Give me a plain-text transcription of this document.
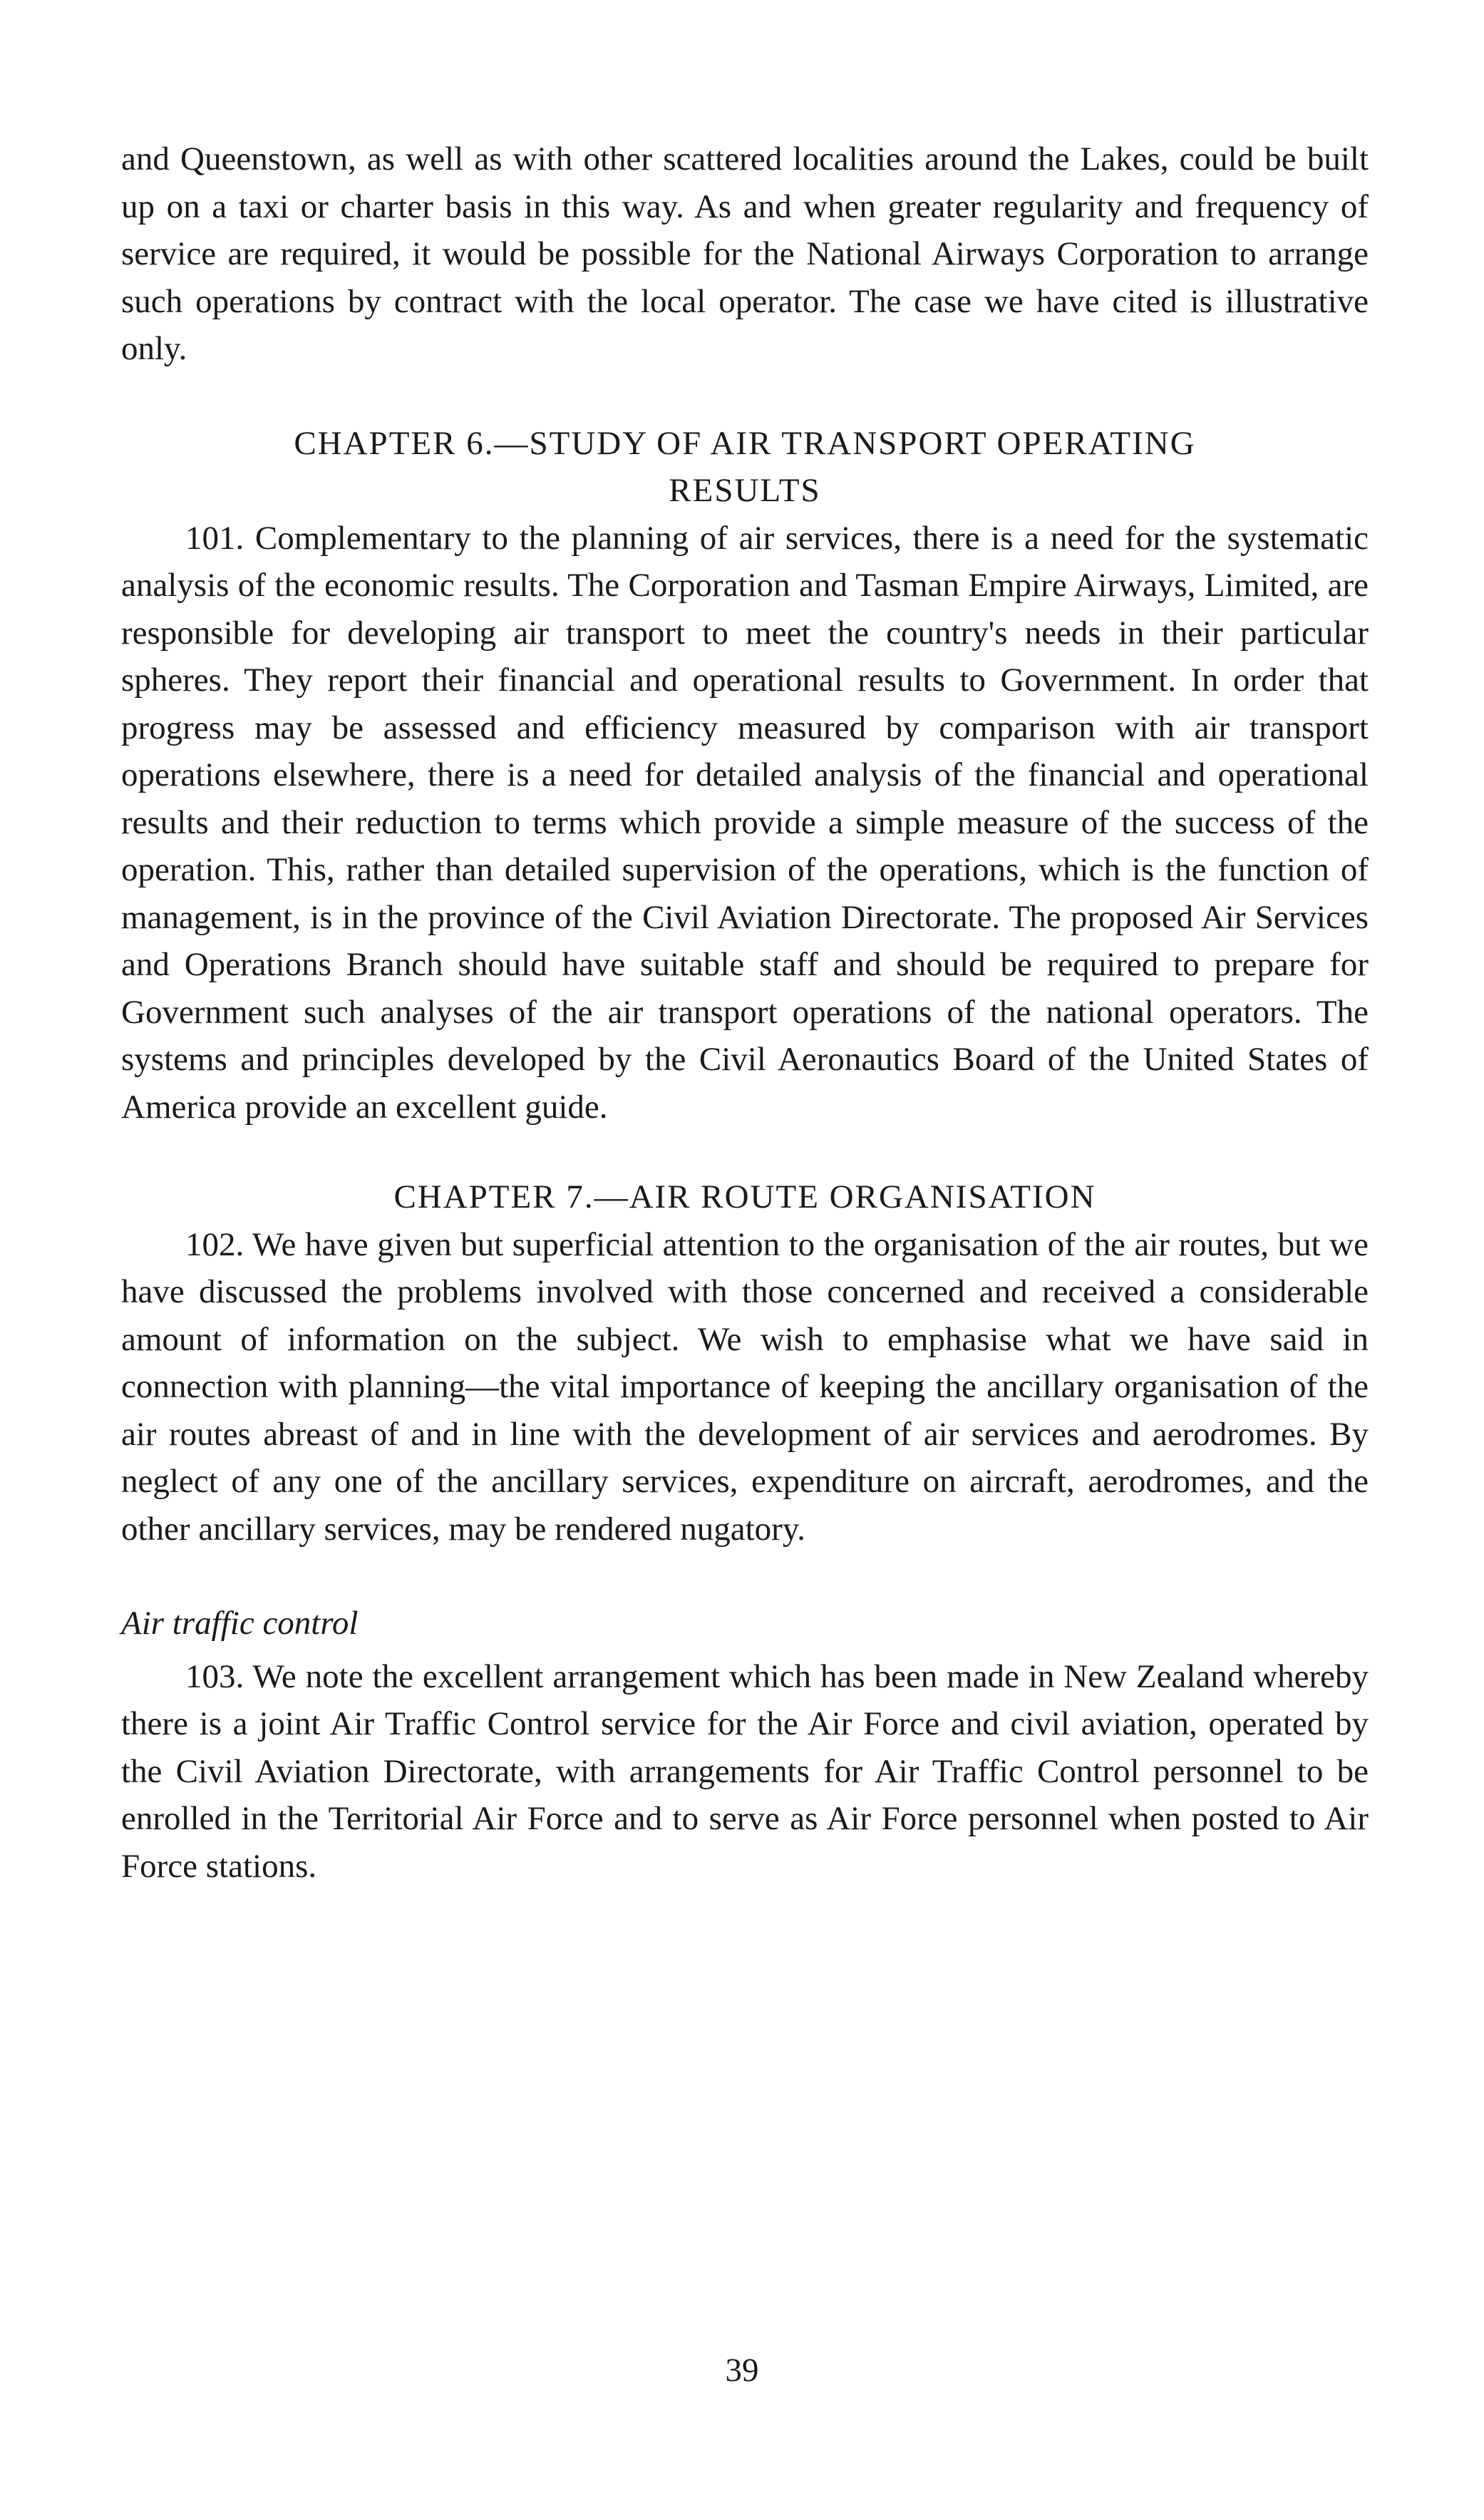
and Queenstown, as well as with other scattered localities around the Lakes, could be built up on a taxi or charter basis in this way. As and when greater regularity and frequency of service are required, it would be possible for the National Airways Corporation to arrange such operations by contract with the local operator. The case we have cited is illustrative only.

CHAPTER 6.—STUDY OF AIR TRANSPORT OPERATING
RESULTS

101. Complementary to the planning of air services, there is a need for the systematic analysis of the economic results. The Corporation and Tasman Empire Airways, Limited, are responsible for developing air transport to meet the country's needs in their particular spheres. They report their financial and operational results to Government. In order that progress may be assessed and efficiency measured by comparison with air transport operations elsewhere, there is a need for detailed analysis of the financial and operational results and their reduction to terms which provide a simple measure of the success of the operation. This, rather than detailed supervision of the operations, which is the function of management, is in the province of the Civil Aviation Directorate. The proposed Air Services and Operations Branch should have suitable staff and should be required to prepare for Government such analyses of the air transport operations of the national operators. The systems and principles developed by the Civil Aeronautics Board of the United States of America provide an excellent guide.

CHAPTER 7.—AIR ROUTE ORGANISATION

102. We have given but superficial attention to the organisation of the air routes, but we have discussed the problems involved with those concerned and received a considerable amount of information on the subject. We wish to emphasise what we have said in connection with planning—the vital importance of keeping the ancillary organisation of the air routes abreast of and in line with the development of air services and aerodromes. By neglect of any one of the ancillary services, expenditure on aircraft, aerodromes, and the other ancillary services, may be rendered nugatory.

Air traffic control

103. We note the excellent arrangement which has been made in New Zealand whereby there is a joint Air Traffic Control service for the Air Force and civil aviation, operated by the Civil Aviation Directorate, with arrangements for Air Traffic Control personnel to be enrolled in the Territorial Air Force and to serve as Air Force personnel when posted to Air Force stations.

39
